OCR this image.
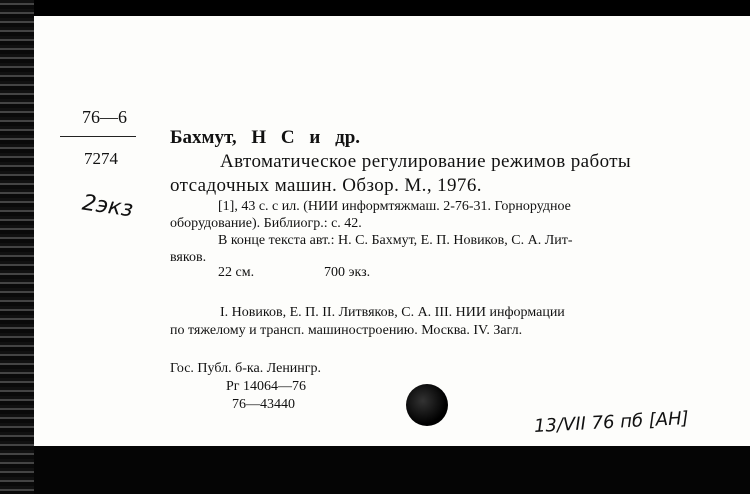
76—6
7274
2экз
Бахмут, Н С и др.
Автоматическое регулирование режимов работы
отсадочных машин. Обзор. М., 1976.
[1], 43 с. с ил. (НИИ информтяжмаш. 2-76-31. Горнорудное
оборудование). Библиогр.: с. 42.
В конце текста авт.: Н. С. Бахмут, Е. П. Новиков, С. А. Лит-
вяков.
22 см.	700 экз.
I. Новиков, Е. П. II. Литвяков, С. А. III. НИИ информации
по тяжелому и трансп. машиностроению. Москва. IV. Загл.
Гос. Публ. б-ка. Ленингр.
Рг 14064—76
76—43440
13/VII 76 пб [АН]
